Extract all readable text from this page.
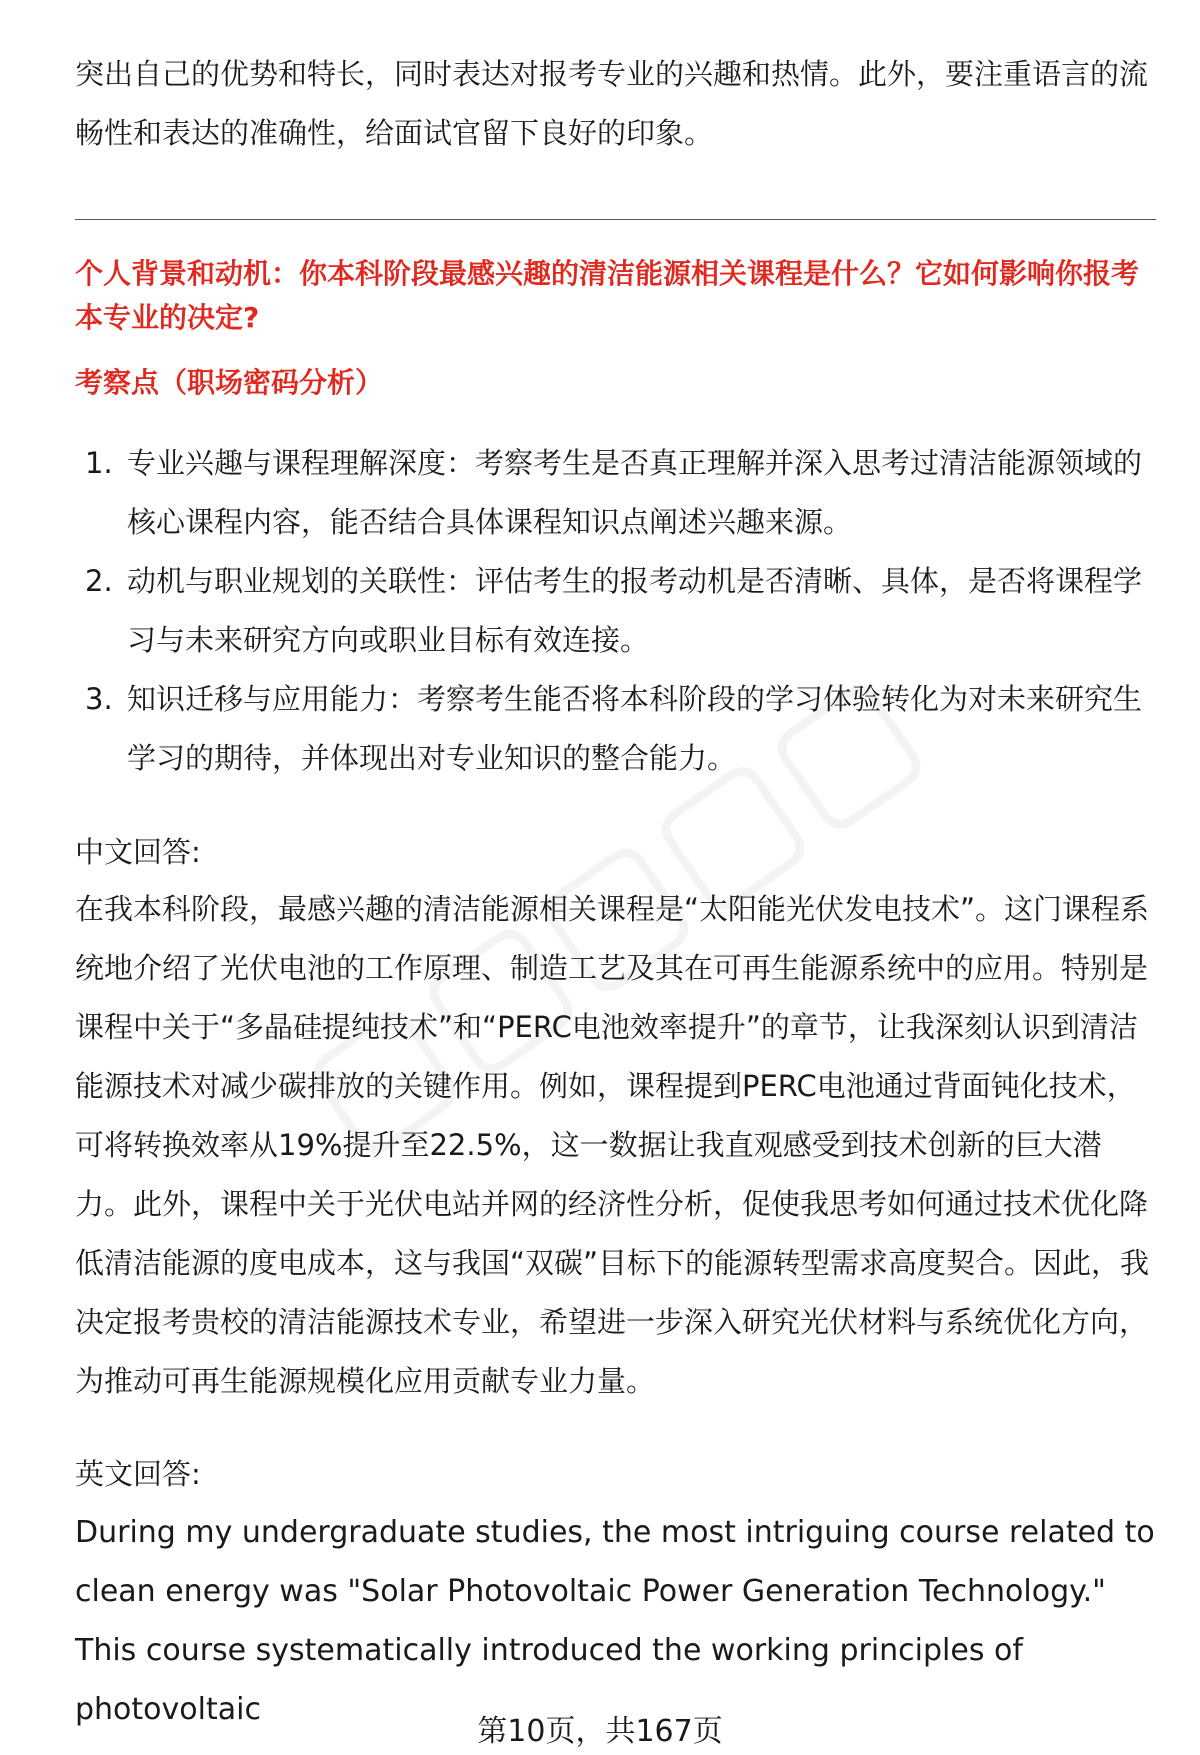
突出自己的优势和特长，同时表达对报考专业的兴趣和热情。此外，要注重语言的流畅性和表达的准确性，给面试官留下良好的印象。

个人背景和动机：你本科阶段最感兴趣的清洁能源相关课程是什么？它如何影响你报考本专业的决定?

考察点（职场密码分析）

1. 专业兴趣与课程理解深度：考察考生是否真正理解并深入思考过清洁能源领域的核心课程内容，能否结合具体课程知识点阐述兴趣来源。
2. 动机与职业规划的关联性：评估考生的报考动机是否清晰、具体，是否将课程学习与未来研究方向或职业目标有效连接。
3. 知识迁移与应用能力：考察考生能否将本科阶段的学习体验转化为对未来研究生学习的期待，并体现出对专业知识的整合能力。

中文回答:

在我本科阶段，最感兴趣的清洁能源相关课程是“太阳能光伏发电技术”。这门课程系统地介绍了光伏电池的工作原理、制造工艺及其在可再生能源系统中的应用。特别是课程中关于“多晶硅提纯技术”和“PERC电池效率提升”的章节，让我深刻认识到清洁能源技术对减少碳排放的关键作用。例如，课程提到PERC电池通过背面钝化技术，可将转换效率从19%提升至22.5%，这一数据让我直观感受到技术创新的巨大潜力。此外，课程中关于光伏电站并网的经济性分析，促使我思考如何通过技术优化降低清洁能源的度电成本，这与我国“双碳”目标下的能源转型需求高度契合。因此，我决定报考贵校的清洁能源技术专业，希望进一步深入研究光伏材料与系统优化方向，为推动可再生能源规模化应用贡献专业力量。

英文回答:

During my undergraduate studies, the most intriguing course related to clean energy was "Solar Photovoltaic Power Generation Technology." This course systematically introduced the working principles of photovoltaic

第10页，共167页
